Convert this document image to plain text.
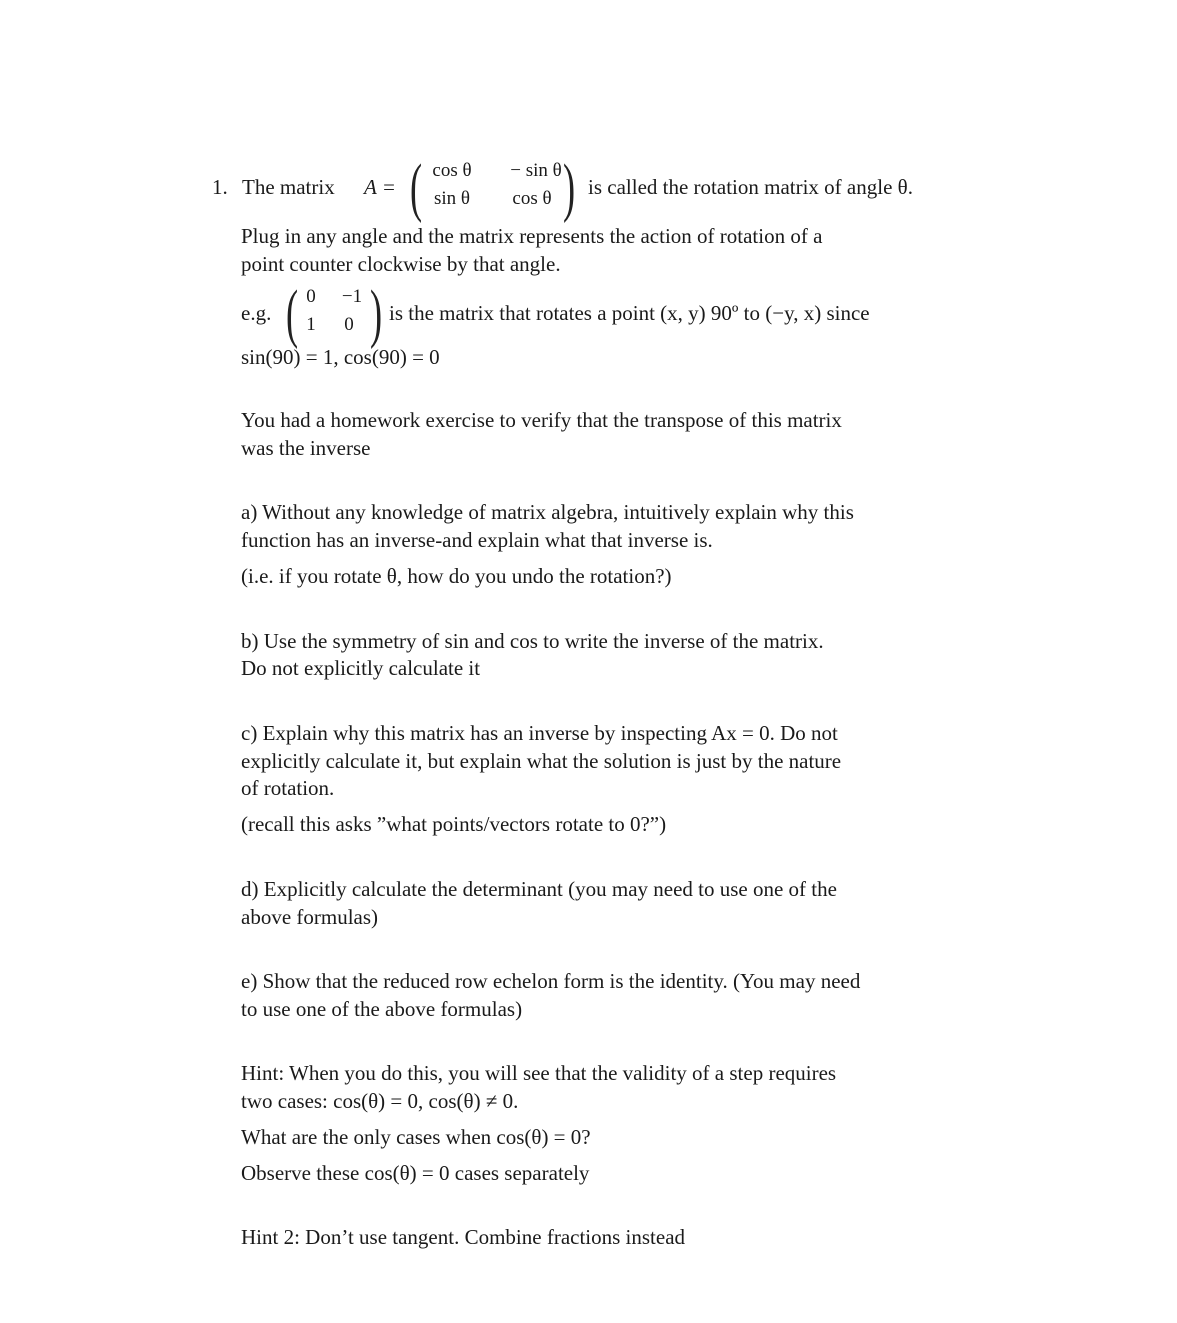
1. The matrix A = ( cos θ	− sin θ
sin θ	cos θ ) is called the rotation matrix of angle θ.
Plug in any angle and the matrix represents the action of rotation of a
point counter clockwise by that angle.
e.g. ( 0	−1
1	0 ) is the matrix that rotates a point (x, y) 90º to (−y, x) since
sin(90) = 1, cos(90) = 0
You had a homework exercise to verify that the transpose of this matrix
was the inverse
a) Without any knowledge of matrix algebra, intuitively explain why this
function has an inverse-and explain what that inverse is.
(i.e. if you rotate θ, how do you undo the rotation?)
b) Use the symmetry of sin and cos to write the inverse of the matrix.
Do not explicitly calculate it
c) Explain why this matrix has an inverse by inspecting Ax = 0. Do not
explicitly calculate it, but explain what the solution is just by the nature
of rotation.
(recall this asks ”what points/vectors rotate to 0?”)
d) Explicitly calculate the determinant (you may need to use one of the
above formulas)
e) Show that the reduced row echelon form is the identity. (You may need
to use one of the above formulas)
Hint: When you do this, you will see that the validity of a step requires
two cases: cos(θ) = 0, cos(θ) ≠ 0.
What are the only cases when cos(θ) = 0?
Observe these cos(θ) = 0 cases separately
Hint 2: Don’t use tangent. Combine fractions instead
